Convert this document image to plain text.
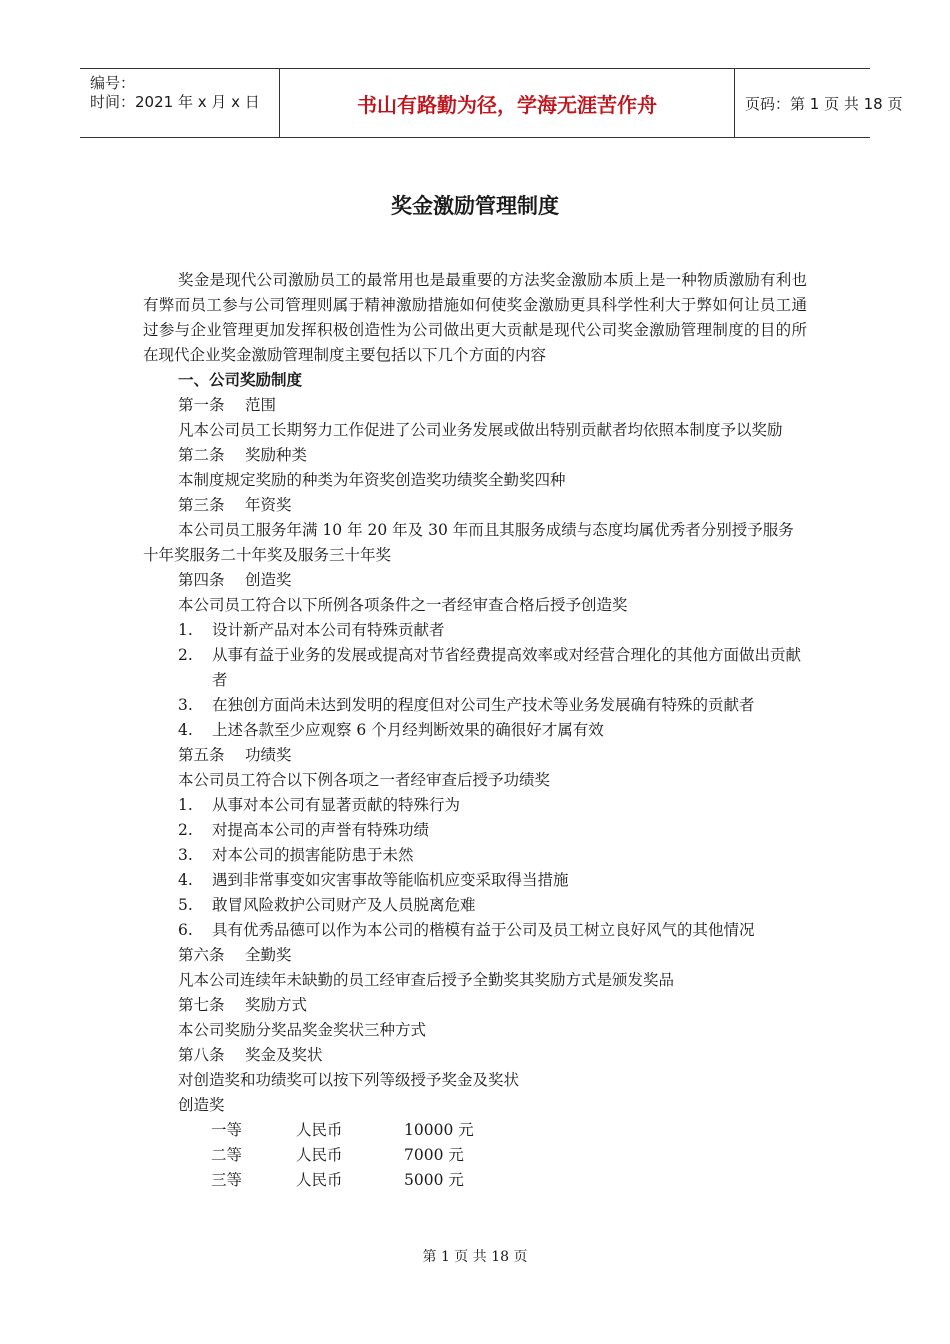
编号：
时间：2021 年 x 月 x 日	书山有路勤为径，学海无涯苦作舟	页码：第 1 页 共 18 页
奖金激励管理制度

奖金是现代公司激励员工的最常用也是最重要的方法奖金激励本质上是一种物质激励有利也有弊而员工参与公司管理则属于精神激励措施如何使奖金激励更具科学性利大于弊如何让员工通过参与企业管理更加发挥积极创造性为公司做出更大贡献是现代公司奖金激励管理制度的目的所在现代企业奖金激励管理制度主要包括以下几个方面的内容

一、公司奖励制度

第一条 范围

凡本公司员工长期努力工作促进了公司业务发展或做出特别贡献者均依照本制度予以奖励

第二条 奖励种类

本制度规定奖励的种类为年资奖创造奖功绩奖全勤奖四种

第三条 年资奖

本公司员工服务年满 10 年 20 年及 30 年而且其服务成绩与态度均属优秀者分别授予服务十年奖服务二十年奖及服务三十年奖

第四条 创造奖

本公司员工符合以下所例各项条件之一者经审查合格后授予创造奖

1. 设计新产品对本公司有特殊贡献者

2. 从事有益于业务的发展或提高对节省经费提高效率或对经营合理化的其他方面做出贡献者

3. 在独创方面尚未达到发明的程度但对公司生产技术等业务发展确有特殊的贡献者

4. 上述各款至少应观察 6 个月经判断效果的确很好才属有效

第五条 功绩奖

本公司员工符合以下例各项之一者经审查后授予功绩奖

1. 从事对本公司有显著贡献的特殊行为

2. 对提高本公司的声誉有特殊功绩

3. 对本公司的损害能防患于未然

4. 遇到非常事变如灾害事故等能临机应变采取得当措施

5. 敢冒风险救护公司财产及人员脱离危难

6. 具有优秀品德可以作为本公司的楷模有益于公司及员工树立良好风气的其他情况

第六条 全勤奖

凡本公司连续年未缺勤的员工经审查后授予全勤奖其奖励方式是颁发奖品

第七条 奖励方式

本公司奖励分奖品奖金奖状三种方式

第八条 奖金及奖状

对创造奖和功绩奖可以按下列等级授予奖金及奖状

创造奖

一等	人民币	10000 元
二等	人民币	7000 元
三等	人民币	5000 元
第 1 页 共 18 页
